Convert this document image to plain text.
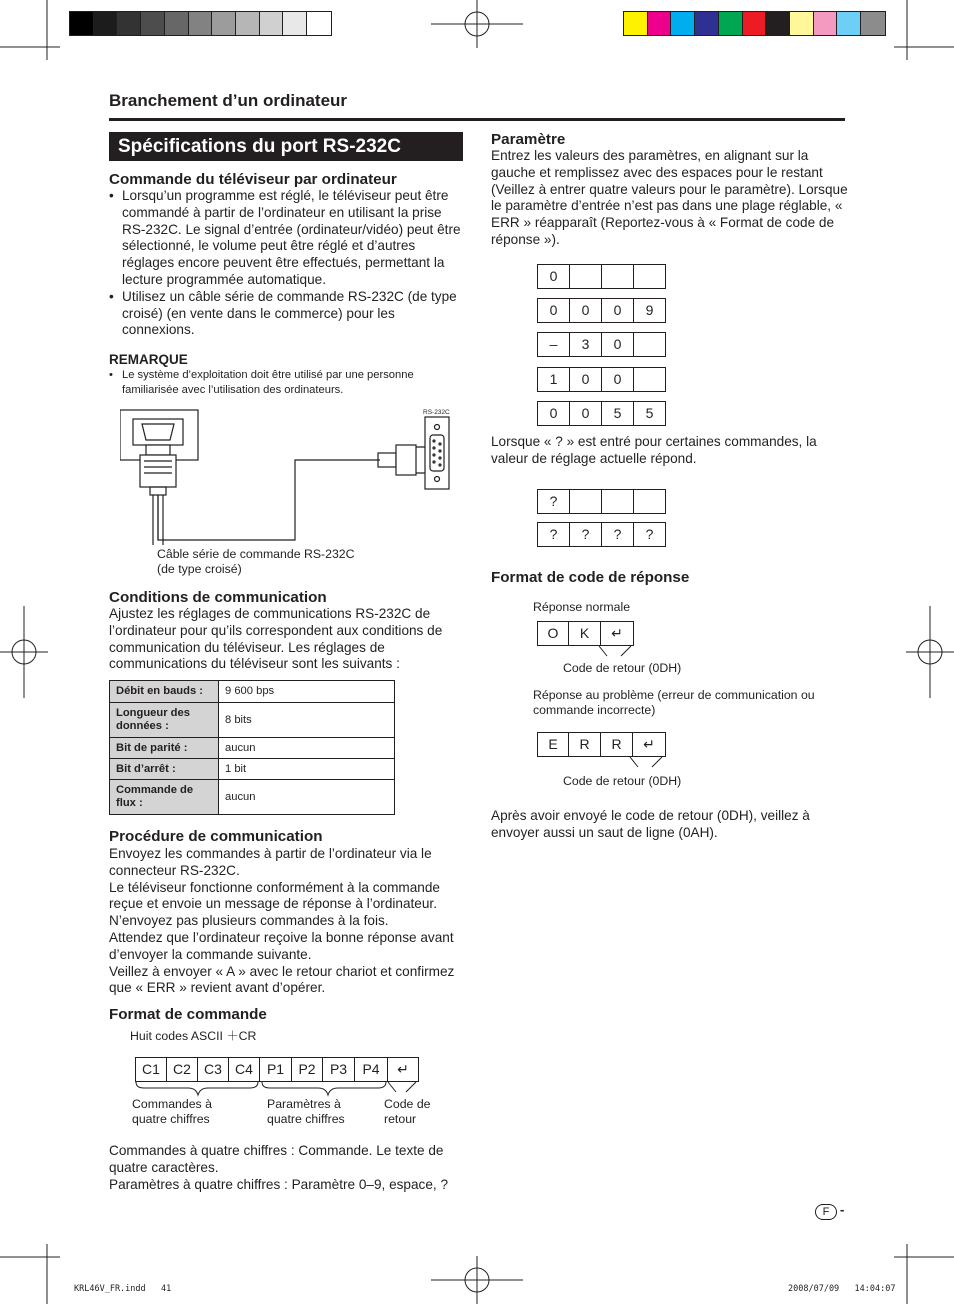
Branchement d’un ordinateur
Spécifications du port RS-232C
Commande du téléviseur par ordinateur
• Lorsqu’un programme est réglé, le téléviseur peut être commandé à partir de l’ordinateur en utilisant la prise RS-232C. Le signal d’entrée (ordinateur/vidéo) peut être sélectionné, le volume peut être réglé et d’autres réglages encore peuvent être effectués, permettant la lecture programmée automatique.
• Utilisez un câble série de commande RS-232C (de type croisé) (en vente dans le commerce) pour les connexions.
REMARQUE
• Le système d’exploitation doit être utilisé par une personne familiarisée avec l’utilisation des ordinateurs.
RS-232C
Câble série de commande RS-232C
(de type croisé)
Conditions de communication
Ajustez les réglages de communications RS-232C de l’ordinateur pour qu’ils correspondent aux conditions de communication du téléviseur. Les réglages de communications du téléviseur sont les suivants :
Débit en bauds :	9 600 bps
Longueur des données :	8 bits
Bit de parité :	aucun
Bit d’arrêt :	1 bit
Commande de flux :	aucun
Procédure de communication
Envoyez les commandes à partir de l’ordinateur via le connecteur RS-232C.
Le téléviseur fonctionne conformément à la commande reçue et envoie un message de réponse à l’ordinateur.
N’envoyez pas plusieurs commandes à la fois.
Attendez que l’ordinateur reçoive la bonne réponse avant d’envoyer la commande suivante.
Veillez à envoyer « A » avec le retour chariot et confirmez que « ERR » revient avant d’opérer.
Format de commande
Huit codes ASCII ＋CR
C1 C2 C3 C4 P1	P2	P3	P4	↵
Commandes à quatre chiffres
Paramètres à quatre chiffres
Code de retour
Commandes à quatre chiffres : Commande. Le texte de quatre caractères.
Paramètres à quatre chiffres : Paramètre 0–9, espace, ?
Paramètre
Entrez les valeurs des paramètres, en alignant sur la gauche et remplissez avec des espaces pour le restant (Veillez à entrer quatre valeurs pour le paramètre). Lorsque le paramètre d’entrée n’est pas dans une plage réglable, « ERR » réapparaît (Reportez-vous à « Format de code de réponse »).
0
0	0	0	9
–	3	0
1	0	0
0	0	5	5
Lorsque « ? » est entré pour certaines commandes, la valeur de réglage actuelle répond.
?
?	?	?	?
Format de code de réponse
Réponse normale
O	K	↵
Code de retour (0DH)
Réponse au problème (erreur de communication ou commande incorrecte)
E	R	R	↵
Code de retour (0DH)
Après avoir envoyé le code de retour (0DH), veillez à envoyer aussi un saut de ligne (0AH).
F -
KRL46V_FR.indd   41	2008/07/09   14:04:07
